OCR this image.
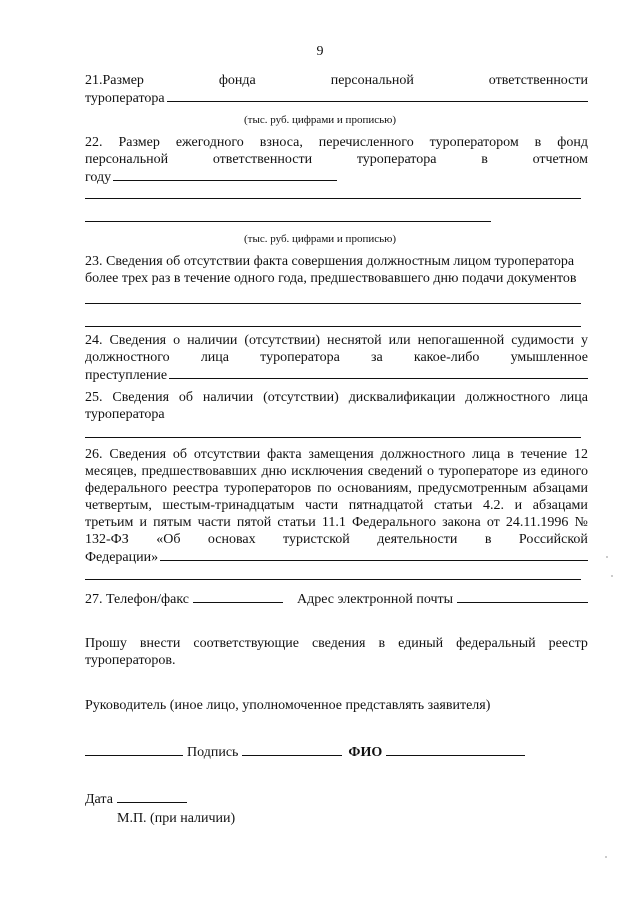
9
21.Размер	фонда	персональной	ответственности
туроператора
(тыс. руб. цифрами и прописью)
22. Размер ежегодного взноса, перечисленного туроператором в фонд
персональной	ответственности	туроператора	в	отчетном
году
(тыс. руб. цифрами и прописью)
23. Сведения об отсутствии факта совершения должностным лицом туроператора
более трех раз в течение одного года, предшествовавшего дню подачи документов
24. Сведения о наличии (отсутствии) неснятой или непогашенной судимости у
должностного лица туроператора за какое-либо умышленное
преступление
25. Сведения об наличии (отсутствии) дисквалификации должностного лица
туроператора
26. Сведения об отсутствии факта замещения должностного лица в течение 12
месяцев, предшествовавших дню исключения сведений о туроператоре из единого
федерального реестра туроператоров по основаниям, предусмотренным абзацами
четвертым, шестым-тринадцатым части пятнадцатой статьи 4.2. и абзацами
третьим и пятым части пятой статьи 11.1 Федерального закона от 24.11.1996 №
132-ФЗ «Об основах туристской деятельности в Российской
Федерации»
27. Телефон/факс	Адрес электронной почты
Прошу внести соответствующие сведения в единый федеральный реестр
туроператоров.
Руководитель (иное лицо, уполномоченное представлять заявителя)
Подпись	ФИО
Дата
М.П. (при наличии)
